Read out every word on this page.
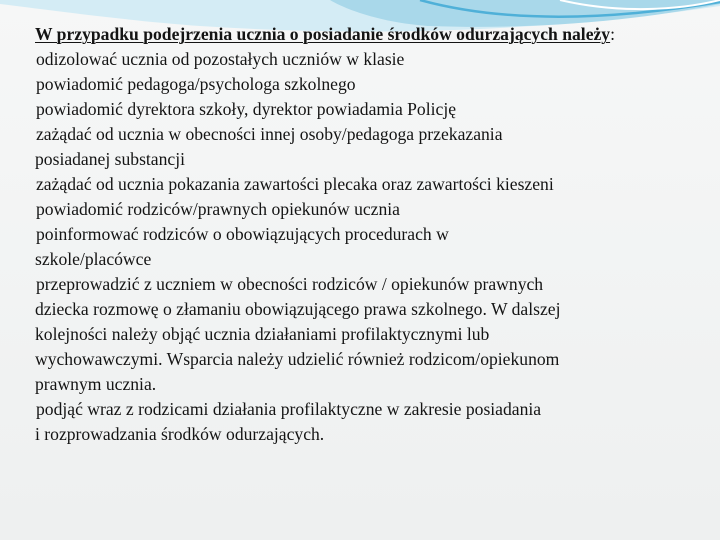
W przypadku podejrzenia ucznia o posiadanie środków odurzających należy:
odizolować ucznia od pozostałych uczniów w klasie
powiadomić pedagoga/psychologa szkolnego
powiadomić dyrektora szkoły, dyrektor powiadamia Policję
zażądać od ucznia w obecności innej osoby/pedagoga przekazania
posiadanej substancji
zażądać od ucznia pokazania zawartości plecaka oraz zawartości kieszeni
powiadomić rodziców/prawnych opiekunów ucznia
poinformować rodziców o obowiązujących procedurach w
szkole/placówce
przeprowadzić z uczniem w obecności rodziców / opiekunów prawnych
dziecka rozmowę o złamaniu obowiązującego prawa szkolnego. W dalszej
kolejności należy objąć ucznia działaniami profilaktycznymi lub
wychowawczymi. Wsparcia należy udzielić również rodzicom/opiekunom
prawnym ucznia.
podjąć wraz z rodzicami działania profilaktyczne w zakresie posiadania
i rozprowadzania środków odurzających.
